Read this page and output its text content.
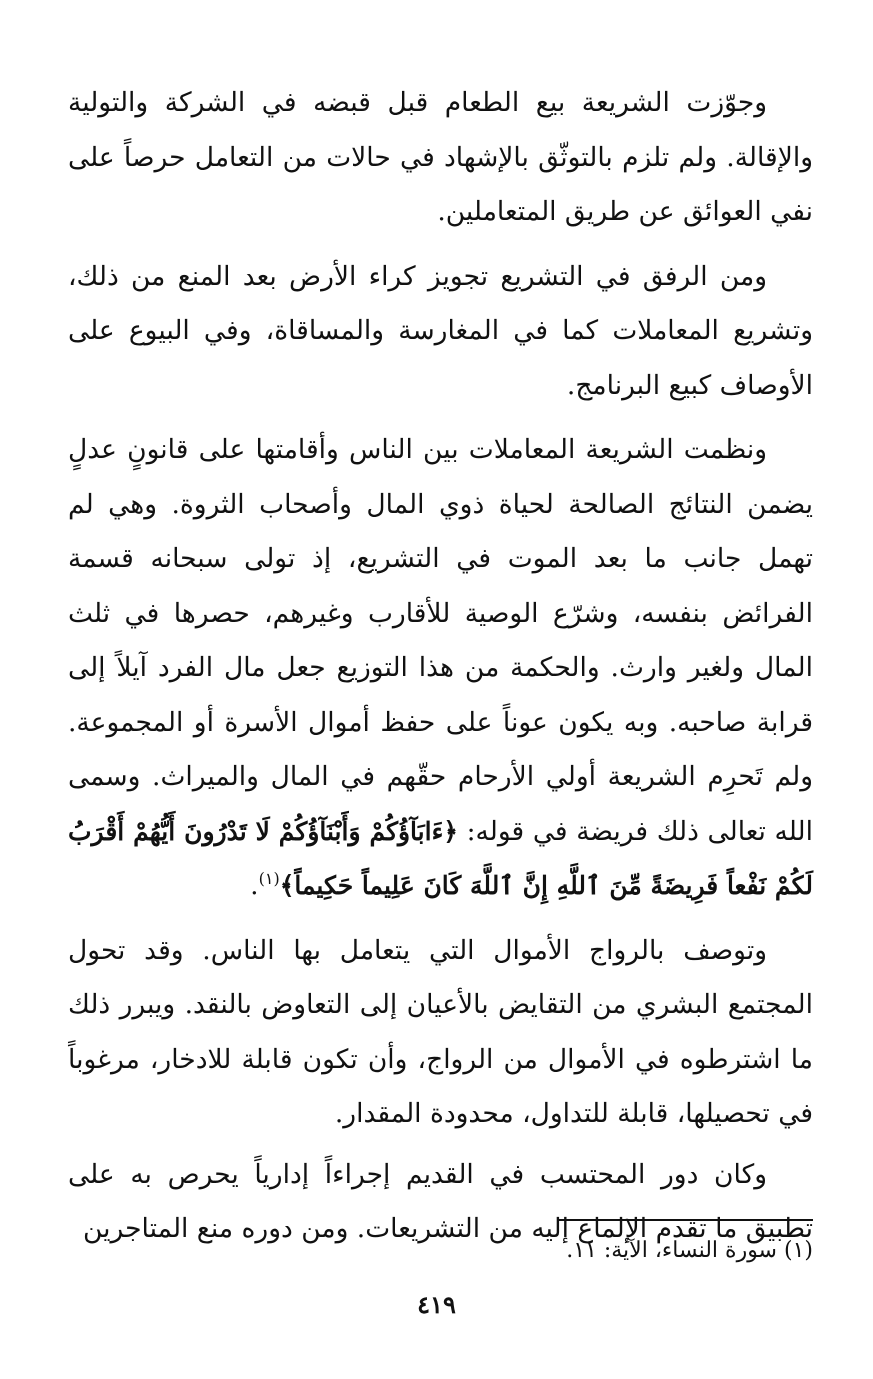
وجوّزت الشريعة بيع الطعام قبل قبضه في الشركة والتولية والإقالة. ولم تلزم بالتوثّق بالإشهاد في حالات من التعامل حرصاً على نفي العوائق عن طريق المتعاملين.

ومن الرفق في التشريع تجويز كراء الأرض بعد المنع من ذلك، وتشريع المعاملات كما في المغارسة والمساقاة، وفي البيوع على الأوصاف كبيع البرنامج.

ونظمت الشريعة المعاملات بين الناس وأقامتها على قانونٍ عدلٍ يضمن النتائج الصالحة لحياة ذوي المال وأصحاب الثروة. وهي لم تهمل جانب ما بعد الموت في التشريع، إذ تولى سبحانه قسمة الفرائض بنفسه، وشرّع الوصية للأقارب وغيرهم، حصرها في ثلث المال ولغير وارث. والحكمة من هذا التوزيع جعل مال الفرد آيلاً إلى قرابة صاحبه. وبه يكون عوناً على حفظ أموال الأسرة أو المجموعة. ولم تَحرِم الشريعة أولي الأرحام حقّهم في المال والميراث. وسمى الله تعالى ذلك فريضة في قوله: ﴿ءَابَآؤُكُمْ وَأَبْنَآؤُكُمْ لَا تَدْرُونَ أَيُّهُمْ أَقْرَبُ لَكُمْ نَفْعاً فَرِيضَةً مِّنَ ٱللَّهِ إِنَّ ٱللَّهَ كَانَ عَلِيماً حَكِيماً﴾$^{(١)}$.

وتوصف بالرواج الأموال التي يتعامل بها الناس. وقد تحول المجتمع البشري من التقايض بالأعيان إلى التعاوض بالنقد. ويبرر ذلك ما اشترطوه في الأموال من الرواج، وأن تكون قابلة للادخار، مرغوباً في تحصيلها، قابلة للتداول، محدودة المقدار.

وكان دور المحتسب في القديم إجراءاً إدارياً يحرص به على تطبيق ما تقدم الإلماع إليه من التشريعات. ومن دوره منع المتاجرين

(١) سورة النساء، الآية: ١١.
٤١٩
